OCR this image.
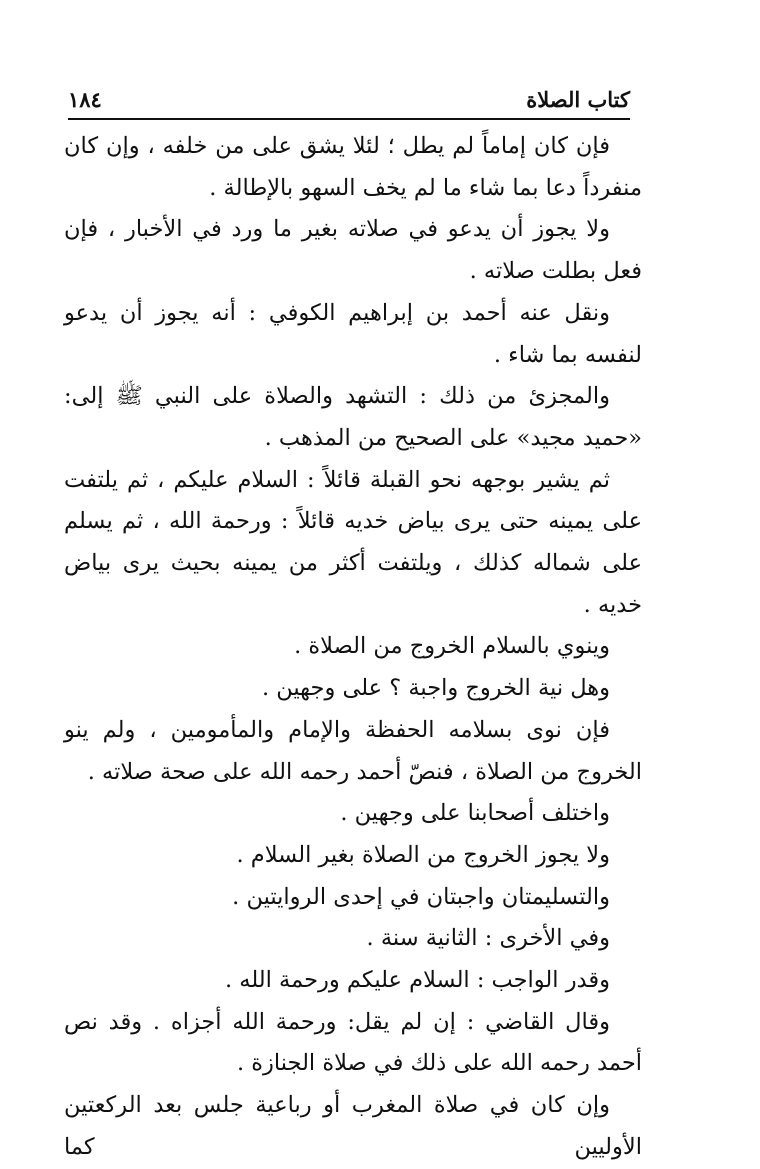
كتاب الصلاة
١٨٤

فإن كان إماماً لم يطل ؛ لئلا يشق على من خلفه ، وإن كان منفرداً دعا بما شاء ما لم يخف السهو بالإطالة .

ولا يجوز أن يدعو في صلاته بغير ما ورد في الأخبار ، فإن فعل بطلت صلاته .

ونقل عنه أحمد بن إبراهيم الكوفي : أنه يجوز أن يدعو لنفسه بما شاء .

والمجزئ من ذلك : التشهد والصلاة على النبي ﷺ إلى: «حميد مجيد» على الصحيح من المذهب .

ثم يشير بوجهه نحو القبلة قائلاً : السلام عليكم ، ثم يلتفت على يمينه حتى يرى بياض خديه قائلاً : ورحمة الله ، ثم يسلم على شماله كذلك ، ويلتفت أكثر من يمينه بحيث يرى بياض خديه .

وينوي بالسلام الخروج من الصلاة .

وهل نية الخروج واجبة ؟ على وجهين .

فإن نوى بسلامه الحفظة والإمام والمأمومين ، ولم ينو الخروج من الصلاة ، فنصّ أحمد رحمه الله على صحة صلاته .

واختلف أصحابنا على وجهين .

ولا يجوز الخروج من الصلاة بغير السلام .

والتسليمتان واجبتان في إحدى الروايتين .

وفي الأخرى : الثانية سنة .

وقدر الواجب : السلام عليكم ورحمة الله .

وقال القاضي : إن لم يقل: ورحمة الله أجزاه . وقد نص أحمد رحمه الله على ذلك في صلاة الجنازة .

وإن كان في صلاة المغرب أو رباعية جلس بعد الركعتين الأوليين كما
